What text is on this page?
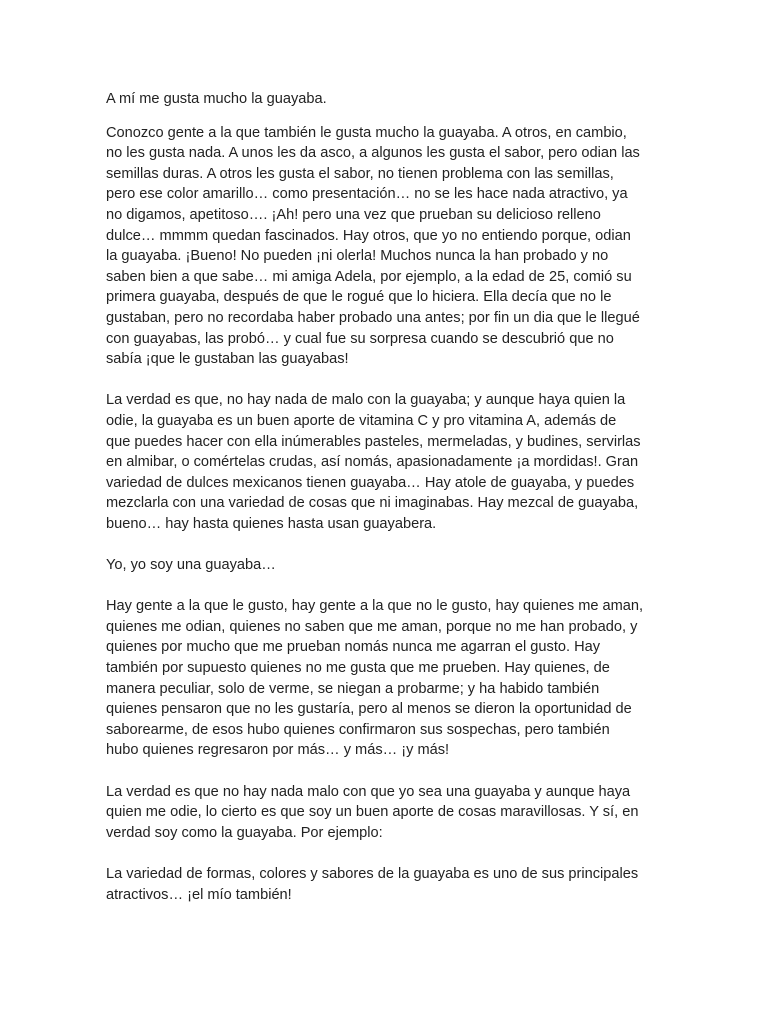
A mí me gusta mucho la guayaba.

Conozco gente a la que también le gusta mucho la guayaba. A otros, en cambio,
no les gusta nada. A unos les da asco, a algunos les gusta el sabor, pero odian las
semillas duras. A otros les gusta el sabor, no tienen problema con las semillas,
pero ese color amarillo… como presentación… no se les hace nada atractivo, ya
no digamos, apetitoso…. ¡Ah! pero una vez que prueban su delicioso relleno
dulce… mmmm quedan fascinados. Hay otros, que yo no entiendo porque, odian
la guayaba. ¡Bueno! No pueden ¡ni olerla! Muchos nunca la han probado y no
saben bien a que sabe… mi amiga Adela, por ejemplo, a la edad de 25, comió su
primera guayaba, después de que le rogué que lo hiciera. Ella decía que no le
gustaban, pero no recordaba haber probado una antes; por fin un dia que le llegué
con guayabas, las probó… y cual fue su sorpresa cuando se descubrió que no
sabía ¡que le gustaban las guayabas!

La verdad es que, no hay nada de malo con la guayaba; y aunque haya quien la
odie, la guayaba es un buen aporte de vitamina C y pro vitamina A, además de
que puedes hacer con ella inúmerables pasteles, mermeladas, y budines, servirlas
en almibar, o comértelas crudas, así nomás, apasionadamente ¡a mordidas!. Gran
variedad de dulces mexicanos tienen guayaba… Hay atole de guayaba, y puedes
mezclarla con una variedad de cosas que ni imaginabas. Hay mezcal de guayaba,
bueno… hay hasta quienes hasta usan guayabera.

Yo, yo soy una guayaba…

Hay gente a la que le gusto, hay gente a la que no le gusto, hay quienes me aman,
quienes me odian, quienes no saben que me aman, porque no me han probado, y
quienes por mucho que me prueban nomás nunca me agarran el gusto. Hay
también por supuesto quienes no me gusta que me prueben. Hay quienes, de
manera peculiar, solo de verme, se niegan a probarme; y ha habido también
quienes pensaron que no les gustaría, pero al menos se dieron la oportunidad de
saborearme, de esos hubo quienes confirmaron sus sospechas, pero también
hubo quienes regresaron por más… y más… ¡y más!

La verdad es que no hay nada malo con que yo sea una guayaba y aunque haya
quien me odie, lo cierto es que soy un buen aporte de cosas maravillosas. Y sí, en
verdad soy como la guayaba. Por ejemplo:

La variedad de formas, colores y sabores de la guayaba es uno de sus principales
atractivos… ¡el mío también!
